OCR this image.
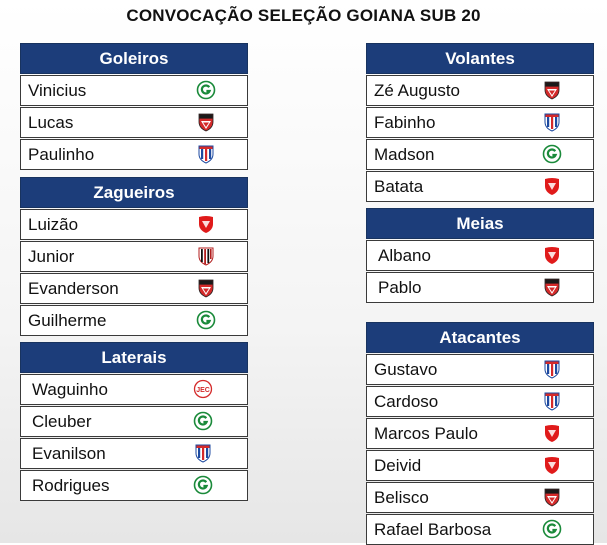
CONVOCAÇÃO SELEÇÃO GOIANA SUB 20
Goleiros
Vinicius
Lucas
Paulinho
Zagueiros
Luizão
Junior
Evanderson
Guilherme
Laterais
Waguinho
Cleuber
Evanilson
Rodrigues
Volantes
Zé Augusto
Fabinho
Madson
Batata
Meias
Albano
Pablo
Atacantes
Gustavo
Cardoso
Marcos Paulo
Deivid
Belisco
Rafael Barbosa
